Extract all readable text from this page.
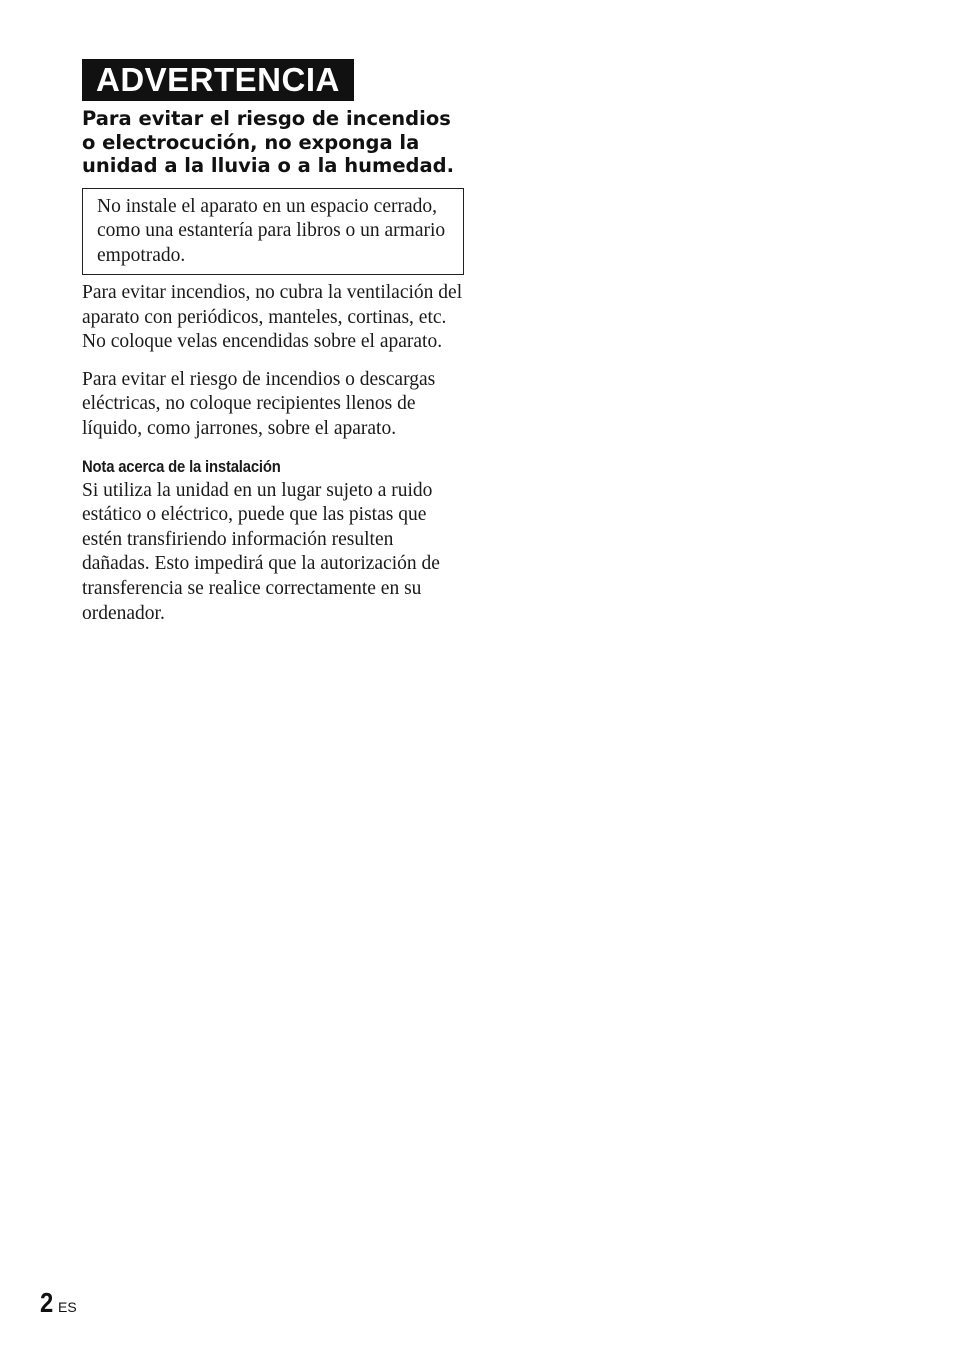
ADVERTENCIA

Para evitar el riesgo de incendios o electrocución, no exponga la unidad a la lluvia o a la humedad.

No instale el aparato en un espacio cerrado, como una estantería para libros o un armario empotrado.

Para evitar incendios, no cubra la ventilación del aparato con periódicos, manteles, cortinas, etc. No coloque velas encendidas sobre el aparato.

Para evitar el riesgo de incendios o descargas eléctricas, no coloque recipientes llenos de líquido, como jarrones, sobre el aparato.

Nota acerca de la instalación

Si utiliza la unidad en un lugar sujeto a ruido estático o eléctrico, puede que las pistas que estén transfiriendo información resulten dañadas. Esto impedirá que la autorización de transferencia se realice correctamente en su ordenador.

2 ES
